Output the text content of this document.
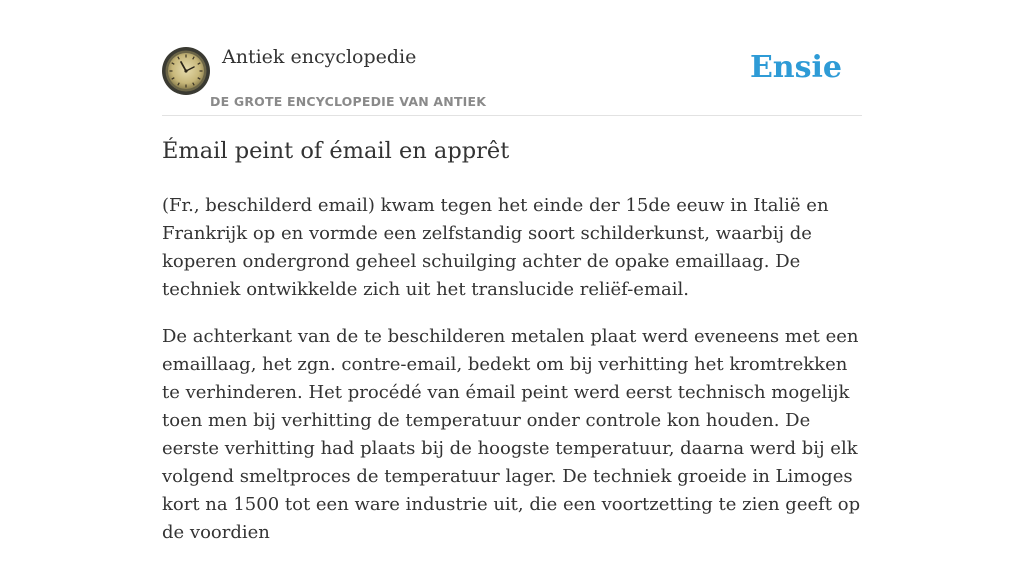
Antiek encyclopedie
DE GROTE ENCYCLOPEDIE VAN ANTIEK
Ensie
Émail peint of émail en apprêt

(Fr., beschilderd email) kwam tegen het einde der 15de eeuw in Italië en Frankrijk op en vormde een zelfstandig soort schilderkunst, waarbij de koperen ondergrond geheel schuilging achter de opake emaillaag. De techniek ontwikkelde zich uit het translucide reliëf-email.

De achterkant van de te beschilderen metalen plaat werd eveneens met een emaillaag, het zgn. contre-email, bedekt om bij verhitting het kromtrekken te verhinderen. Het procédé van émail peint werd eerst technisch mogelijk toen men bij verhitting de temperatuur onder controle kon houden. De eerste verhitting had plaats bij de hoogste temperatuur, daarna werd bij elk volgend smeltproces de temperatuur lager. De techniek groeide in Limoges kort na 1500 tot een ware industrie uit, die een voortzetting te zien geeft op de voordien
